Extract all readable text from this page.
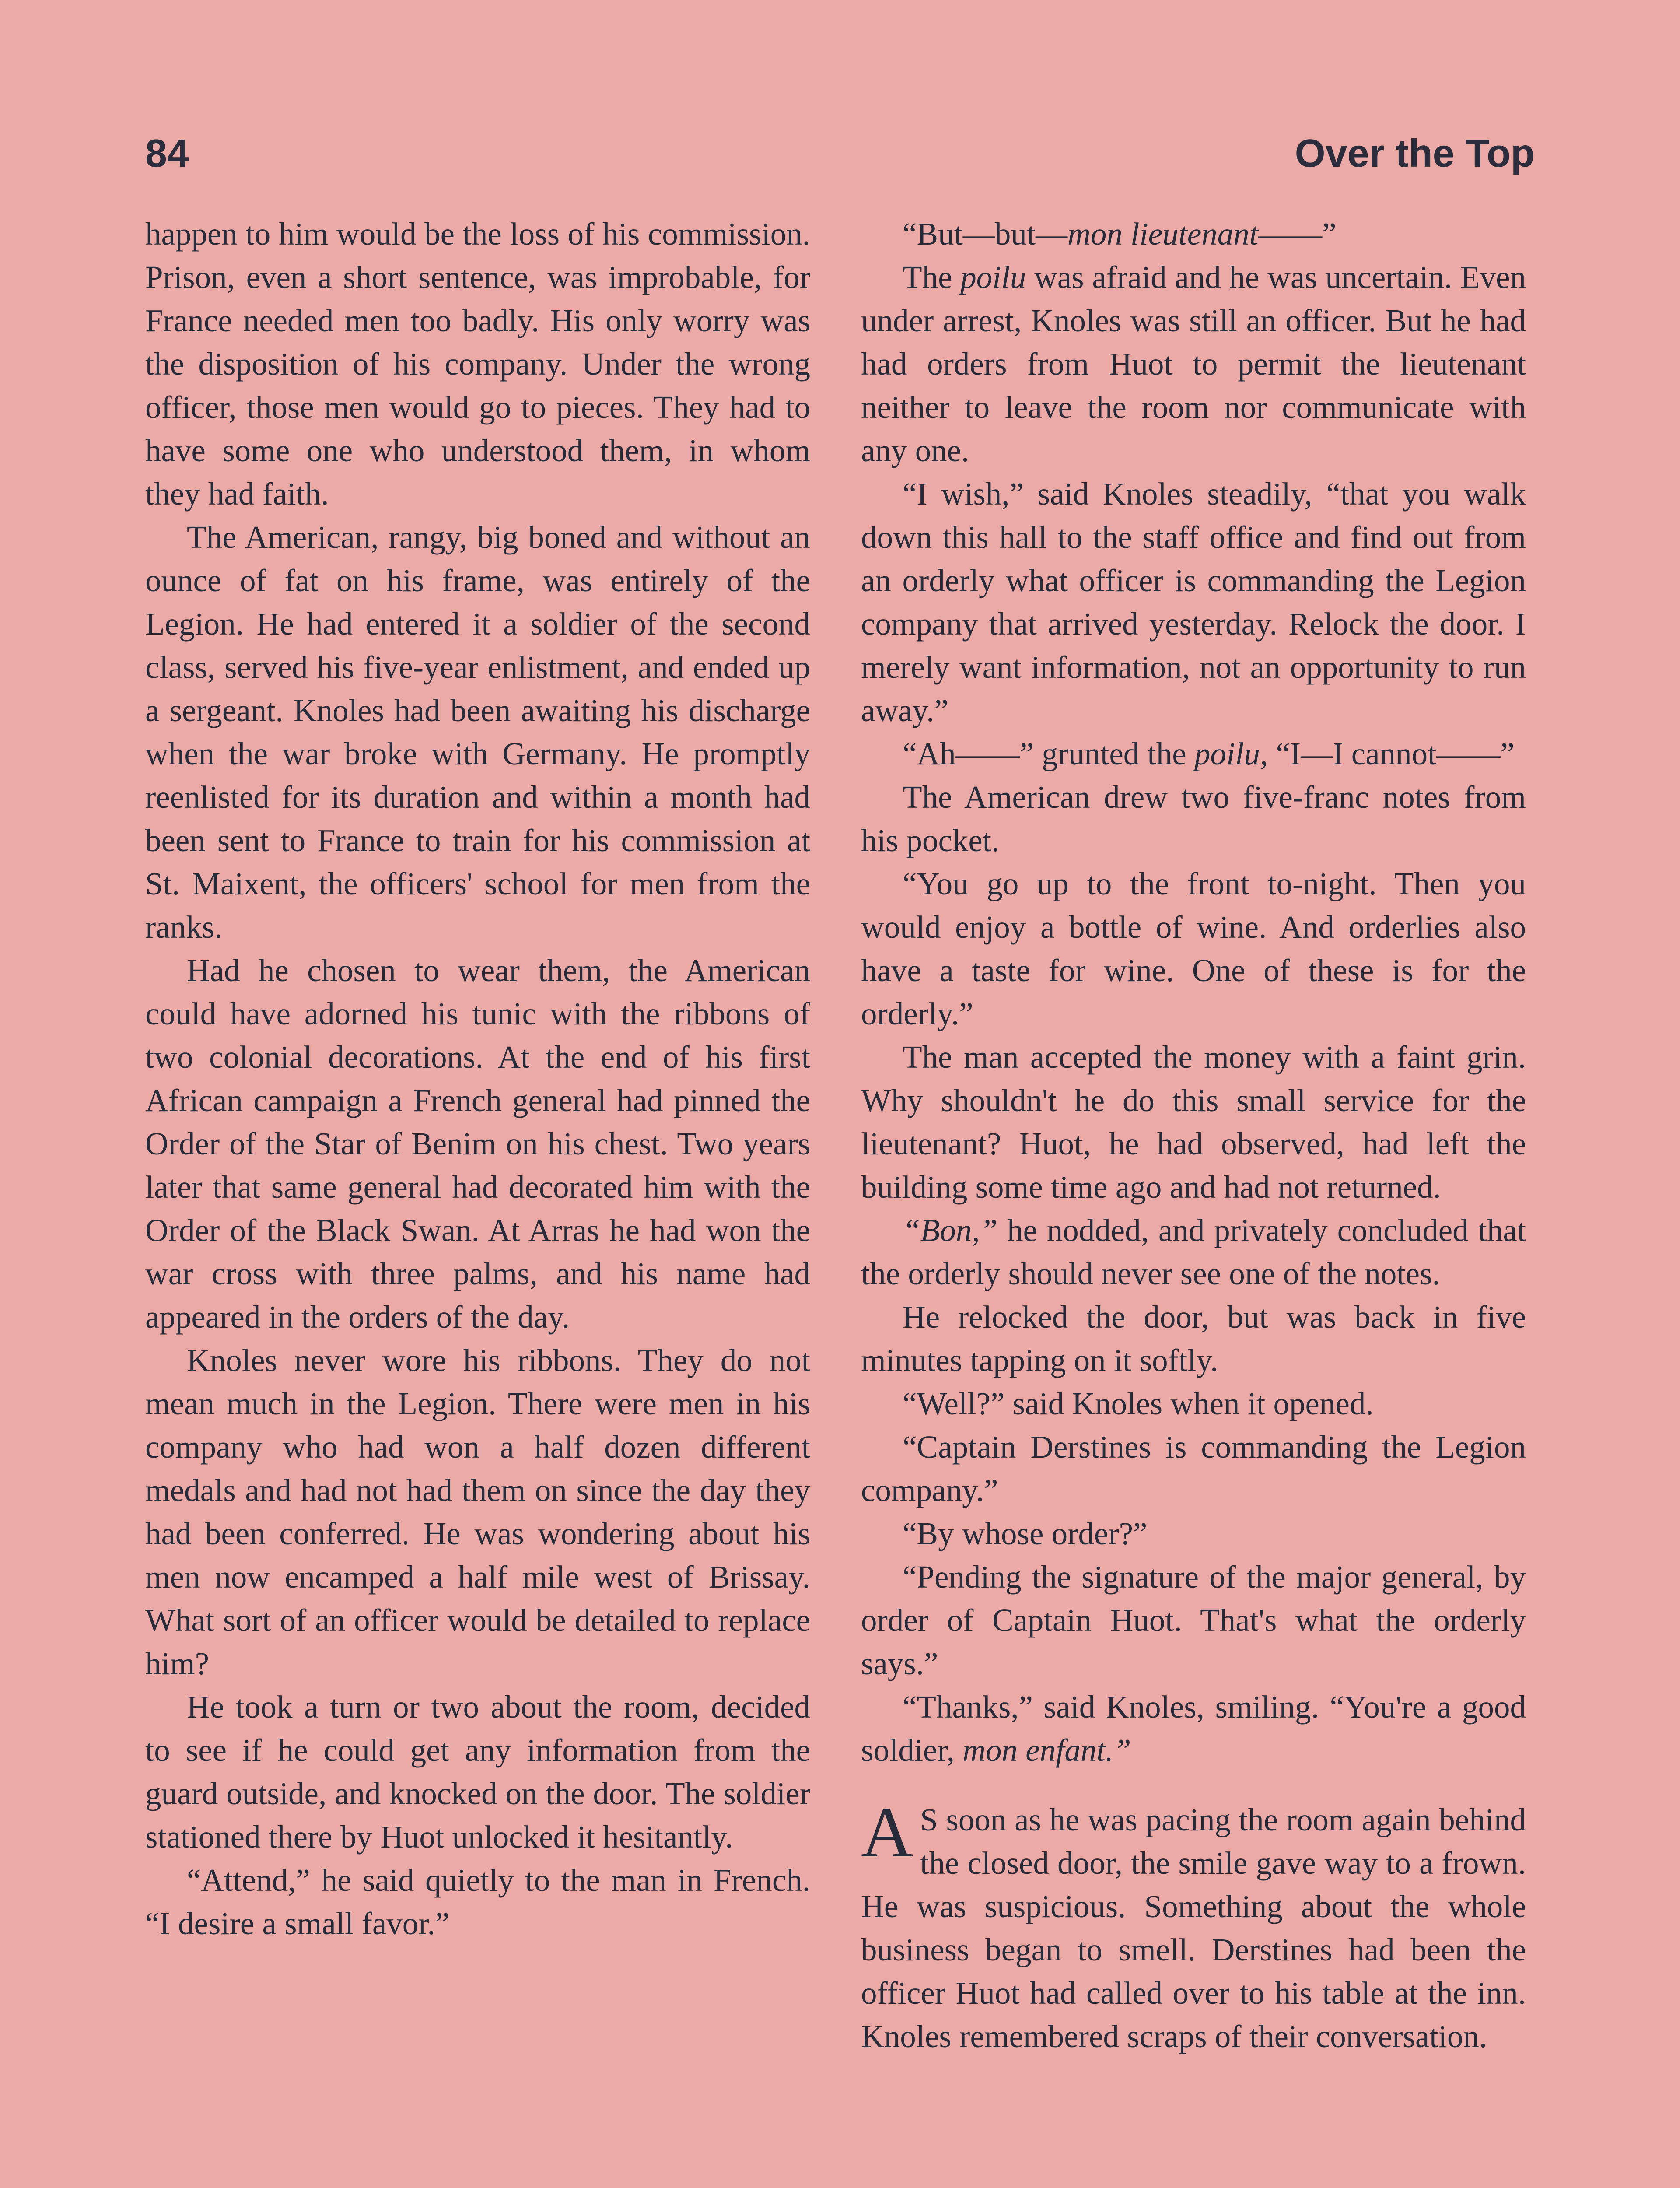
84	Over the Top

happen to him would be the loss of his commission. Prison, even a short sentence, was improbable, for France needed men too badly. His only worry was the disposition of his company. Under the wrong officer, those men would go to pieces. They had to have some one who understood them, in whom they had faith.

The American, rangy, big boned and without an ounce of fat on his frame, was entirely of the Legion. He had entered it a soldier of the second class, served his five-year enlistment, and ended up a sergeant. Knoles had been awaiting his discharge when the war broke with Germany. He promptly reenlisted for its duration and within a month had been sent to France to train for his commission at St. Maixent, the officers' school for men from the ranks.

Had he chosen to wear them, the American could have adorned his tunic with the ribbons of two colonial decorations. At the end of his first African campaign a French general had pinned the Order of the Star of Benim on his chest. Two years later that same general had decorated him with the Order of the Black Swan. At Arras he had won the war cross with three palms, and his name had appeared in the orders of the day.

Knoles never wore his ribbons. They do not mean much in the Legion. There were men in his company who had won a half dozen different medals and had not had them on since the day they had been conferred. He was wondering about his men now encamped a half mile west of Brissay. What sort of an officer would be detailed to replace him?

He took a turn or two about the room, decided to see if he could get any information from the guard outside, and knocked on the door. The soldier stationed there by Huot unlocked it hesitantly.

“Attend,” he said quietly to the man in French. “I desire a small favor.”

“But—but—mon lieutenant——”

The poilu was afraid and he was uncertain. Even under arrest, Knoles was still an officer. But he had had orders from Huot to permit the lieutenant neither to leave the room nor communicate with any one.

“I wish,” said Knoles steadily, “that you walk down this hall to the staff office and find out from an orderly what officer is commanding the Legion company that arrived yesterday. Relock the door. I merely want information, not an opportunity to run away.”

“Ah——” grunted the poilu, “I—I cannot——”

The American drew two five-franc notes from his pocket.

“You go up to the front to-night. Then you would enjoy a bottle of wine. And orderlies also have a taste for wine. One of these is for the orderly.”

The man accepted the money with a faint grin. Why shouldn't he do this small service for the lieutenant? Huot, he had observed, had left the building some time ago and had not returned.

“Bon,” he nodded, and privately concluded that the orderly should never see one of the notes.

He relocked the door, but was back in five minutes tapping on it softly.

“Well?” said Knoles when it opened.

“Captain Derstines is commanding the Legion company.”

“By whose order?”

“Pending the signature of the major general, by order of Captain Huot. That's what the orderly says.”

“Thanks,” said Knoles, smiling. “You're a good soldier, mon enfant.”

A S soon as he was pacing the room again behind the closed door, the smile gave way to a frown. He was suspicious. Something about the whole business began to smell. Derstines had been the officer Huot had called over to his table at the inn. Knoles remembered scraps of their conversation.
